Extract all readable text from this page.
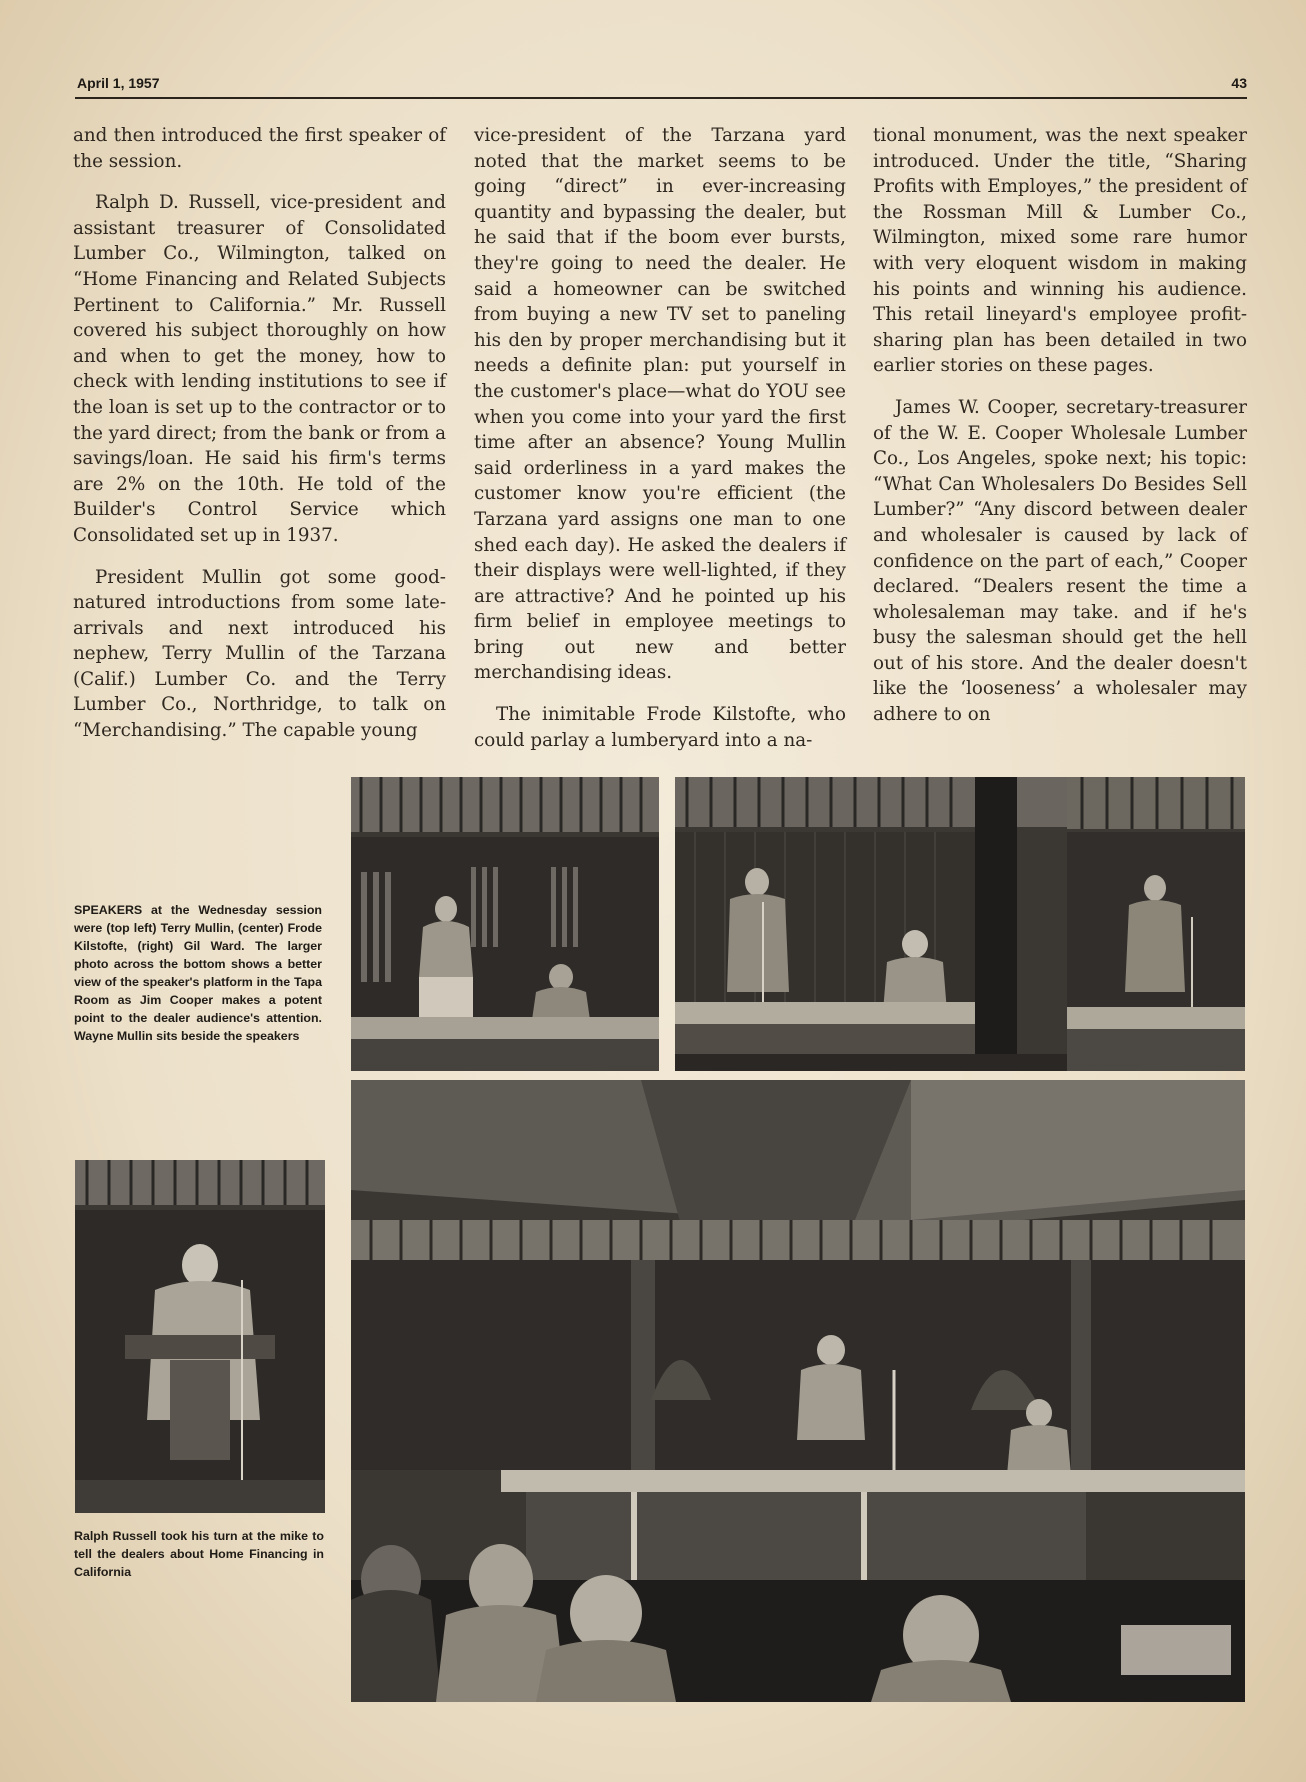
April 1, 1957	43

and then introduced the first speaker of the session.

Ralph D. Russell, vice-president and assistant treasurer of Consolidated Lumber Co., Wilmington, talked on “Home Financing and Related Subjects Pertinent to California.” Mr. Russell covered his subject thoroughly on how and when to get the money, how to check with lending institutions to see if the loan is set up to the contractor or to the yard direct; from the bank or from a savings/loan. He said his firm's terms are 2% on the 10th. He told of the Builder's Control Service which Consolidated set up in 1937.

President Mullin got some good-natured introductions from some late-arrivals and next introduced his nephew, Terry Mullin of the Tarzana (Calif.) Lumber Co. and the Terry Lumber Co., Northridge, to talk on “Merchandising.” The capable young

vice-president of the Tarzana yard noted that the market seems to be going “direct” in ever-increasing quantity and bypassing the dealer, but he said that if the boom ever bursts, they're going to need the dealer. He said a homeowner can be switched from buying a new TV set to paneling his den by proper merchandising but it needs a definite plan: put yourself in the customer's place—what do YOU see when you come into your yard the first time after an absence? Young Mullin said orderliness in a yard makes the customer know you're efficient (the Tarzana yard assigns one man to one shed each day). He asked the dealers if their displays were well-lighted, if they are attractive? And he pointed up his firm belief in employee meetings to bring out new and better merchandising ideas.

The inimitable Frode Kilstofte, who could parlay a lumberyard into a na-

tional monument, was the next speaker introduced. Under the title, “Sharing Profits with Employes,” the president of the Rossman Mill & Lumber Co., Wilmington, mixed some rare humor with very eloquent wisdom in making his points and winning his audience. This retail lineyard's employee profit-sharing plan has been detailed in two earlier stories on these pages.

James W. Cooper, secretary-treasurer of the W. E. Cooper Wholesale Lumber Co., Los Angeles, spoke next; his topic: “What Can Wholesalers Do Besides Sell Lumber?” “Any discord between dealer and wholesaler is caused by lack of confidence on the part of each,” Cooper declared. “Dealers resent the time a wholesaleman may take. and if he's busy the salesman should get the hell out of his store. And the dealer doesn't like the ‘looseness’ a wholesaler may adhere to on

SPEAKERS at the Wednesday session were (top left) Terry Mullin, (center) Frode Kilstofte, (right) Gil Ward. The larger photo across the bottom shows a better view of the speaker's platform in the Tapa Room as Jim Cooper makes a potent point to the dealer audience's attention. Wayne Mullin sits beside the speakers
Ralph Russell took his turn at the mike to tell the dealers about Home Financing in California
